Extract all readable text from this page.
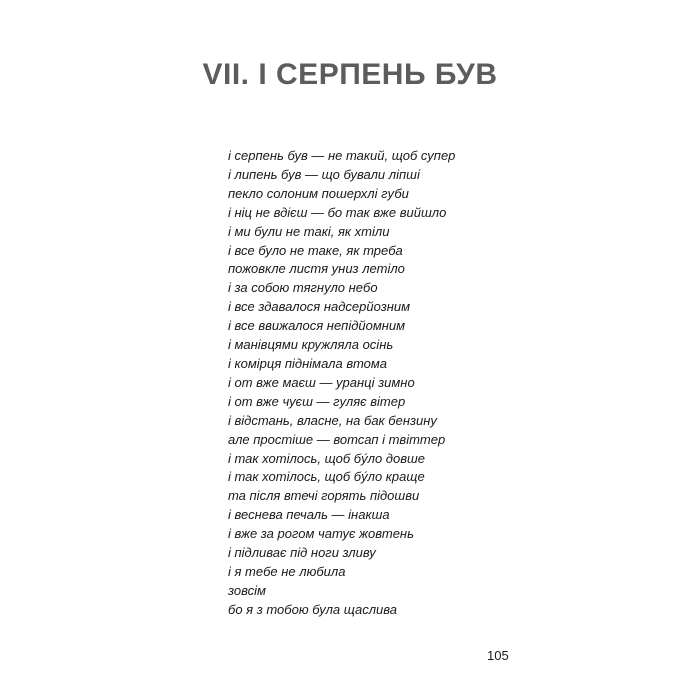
VII. І СЕРПЕНЬ БУВ
і серпень був — не такий, щоб супер
і липень був — що бували ліпші
пекло солоним пошерхлі губи
і ніц не вдієш — бо так вже вийшло
і ми були не такі, як хтіли
і все було не таке, як треба
пожовкле листя униз летіло
і за собою тягнуло небо
і все здавалося надсерйозним
і все ввижалося непідйомним
і манівцями кружляла осінь
і комірця піднімала втома
і от вже маєш — уранці зимно
і от вже чуєш — гуляє вітер
і відстань, власне, на бак бензину
але простіше — вотсап і твіттер
і так хотілось, щоб бýло довше
і так хотілось, щоб бýло краще
та після втечі горять підошви
і веснева печаль — інакша
і вже за рогом чатує жовтень
і підливає під ноги зливу
і я тебе не любила
зовсім
бо я з тобою була щаслива
105
